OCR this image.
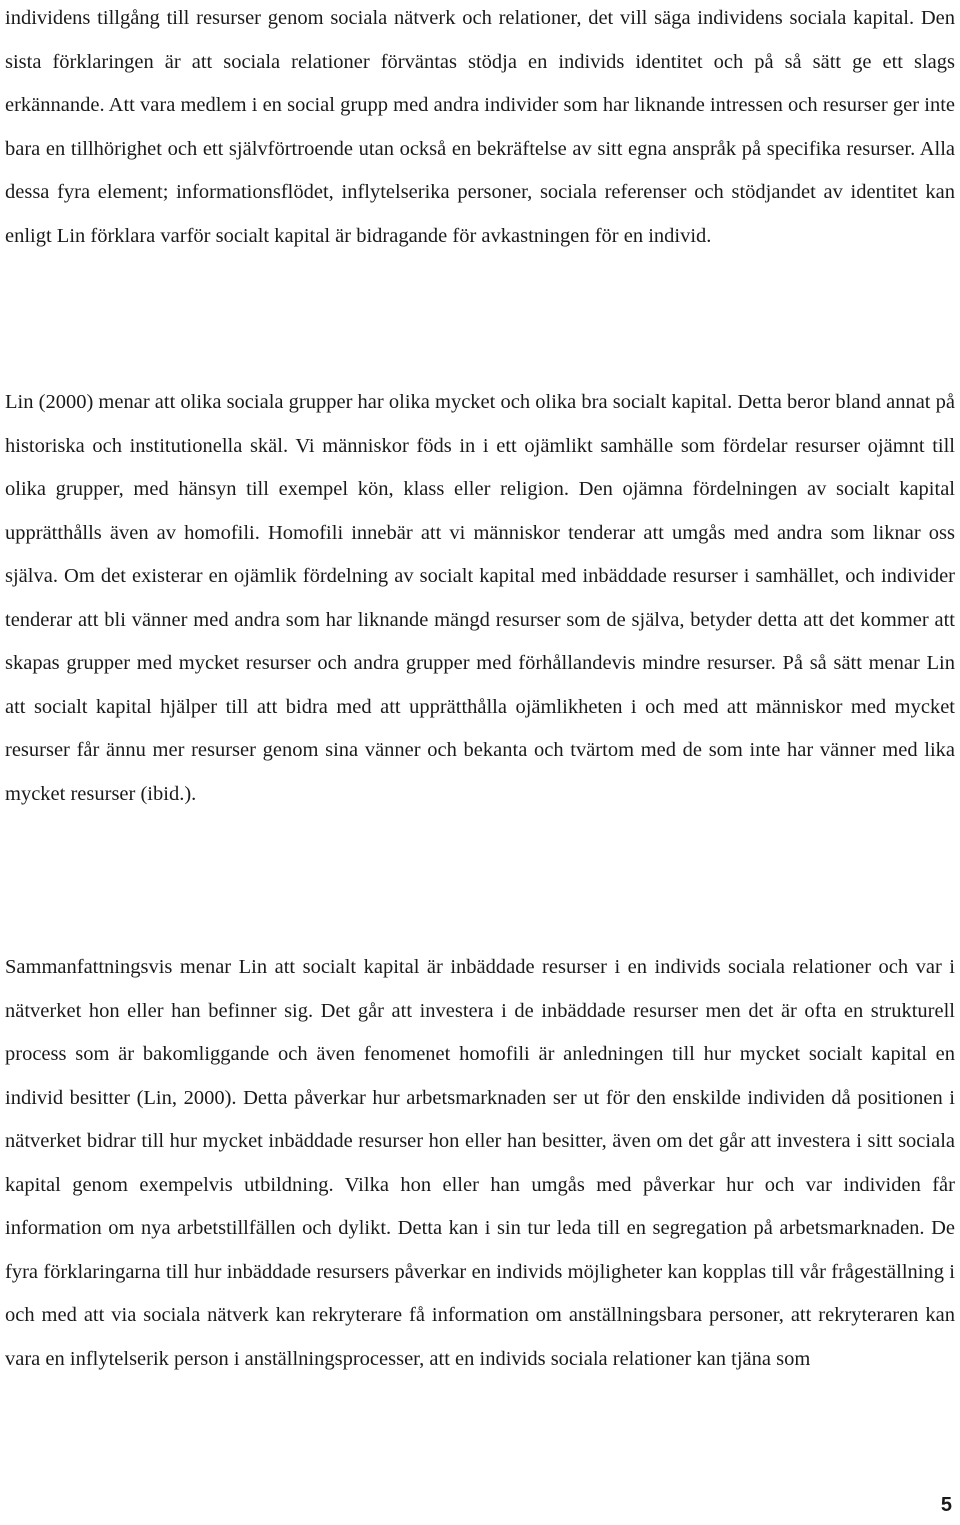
individens tillgång till resurser genom sociala nätverk och relationer, det vill säga individens sociala kapital. Den sista förklaringen är att sociala relationer förväntas stödja en individs identitet och på så sätt ge ett slags erkännande. Att vara medlem i en social grupp med andra individer som har liknande intressen och resurser ger inte bara en tillhörighet och ett självförtroende utan också en bekräftelse av sitt egna anspråk på specifika resurser. Alla dessa fyra element; informationsflödet, inflytelserika personer, sociala referenser och stödjandet av identitet kan enligt Lin förklara varför socialt kapital är bidragande för avkastningen för en individ.

Lin (2000) menar att olika sociala grupper har olika mycket och olika bra socialt kapital. Detta beror bland annat på historiska och institutionella skäl. Vi människor föds in i ett ojämlikt samhälle som fördelar resurser ojämnt till olika grupper, med hänsyn till exempel kön, klass eller religion. Den ojämna fördelningen av socialt kapital upprätthålls även av homofili. Homofili innebär att vi människor tenderar att umgås med andra som liknar oss själva. Om det existerar en ojämlik fördelning av socialt kapital med inbäddade resurser i samhället, och individer tenderar att bli vänner med andra som har liknande mängd resurser som de själva, betyder detta att det kommer att skapas grupper med mycket resurser och andra grupper med förhållandevis mindre resurser. På så sätt menar Lin att socialt kapital hjälper till att bidra med att upprätthålla ojämlikheten i och med att människor med mycket resurser får ännu mer resurser genom sina vänner och bekanta och tvärtom med de som inte har vänner med lika mycket resurser (ibid.).

Sammanfattningsvis menar Lin att socialt kapital är inbäddade resurser i en individs sociala relationer och var i nätverket hon eller han befinner sig. Det går att investera i de inbäddade resurser men det är ofta en strukturell process som är bakomliggande och även fenomenet homofili är anledningen till hur mycket socialt kapital en individ besitter (Lin, 2000). Detta påverkar hur arbetsmarknaden ser ut för den enskilde individen då positionen i nätverket bidrar till hur mycket inbäddade resurser hon eller han besitter, även om det går att investera i sitt sociala kapital genom exempelvis utbildning. Vilka hon eller han umgås med påverkar hur och var individen får information om nya arbetstillfällen och dylikt. Detta kan i sin tur leda till en segregation på arbetsmarknaden. De fyra förklaringarna till hur inbäddade resursers påverkar en individs möjligheter kan kopplas till vår frågeställning i och med att via sociala nätverk kan rekryterare få information om anställningsbara personer, att rekryteraren kan vara en inflytelserik person i anställningsprocesser, att en individs sociala relationer kan tjäna som

5
